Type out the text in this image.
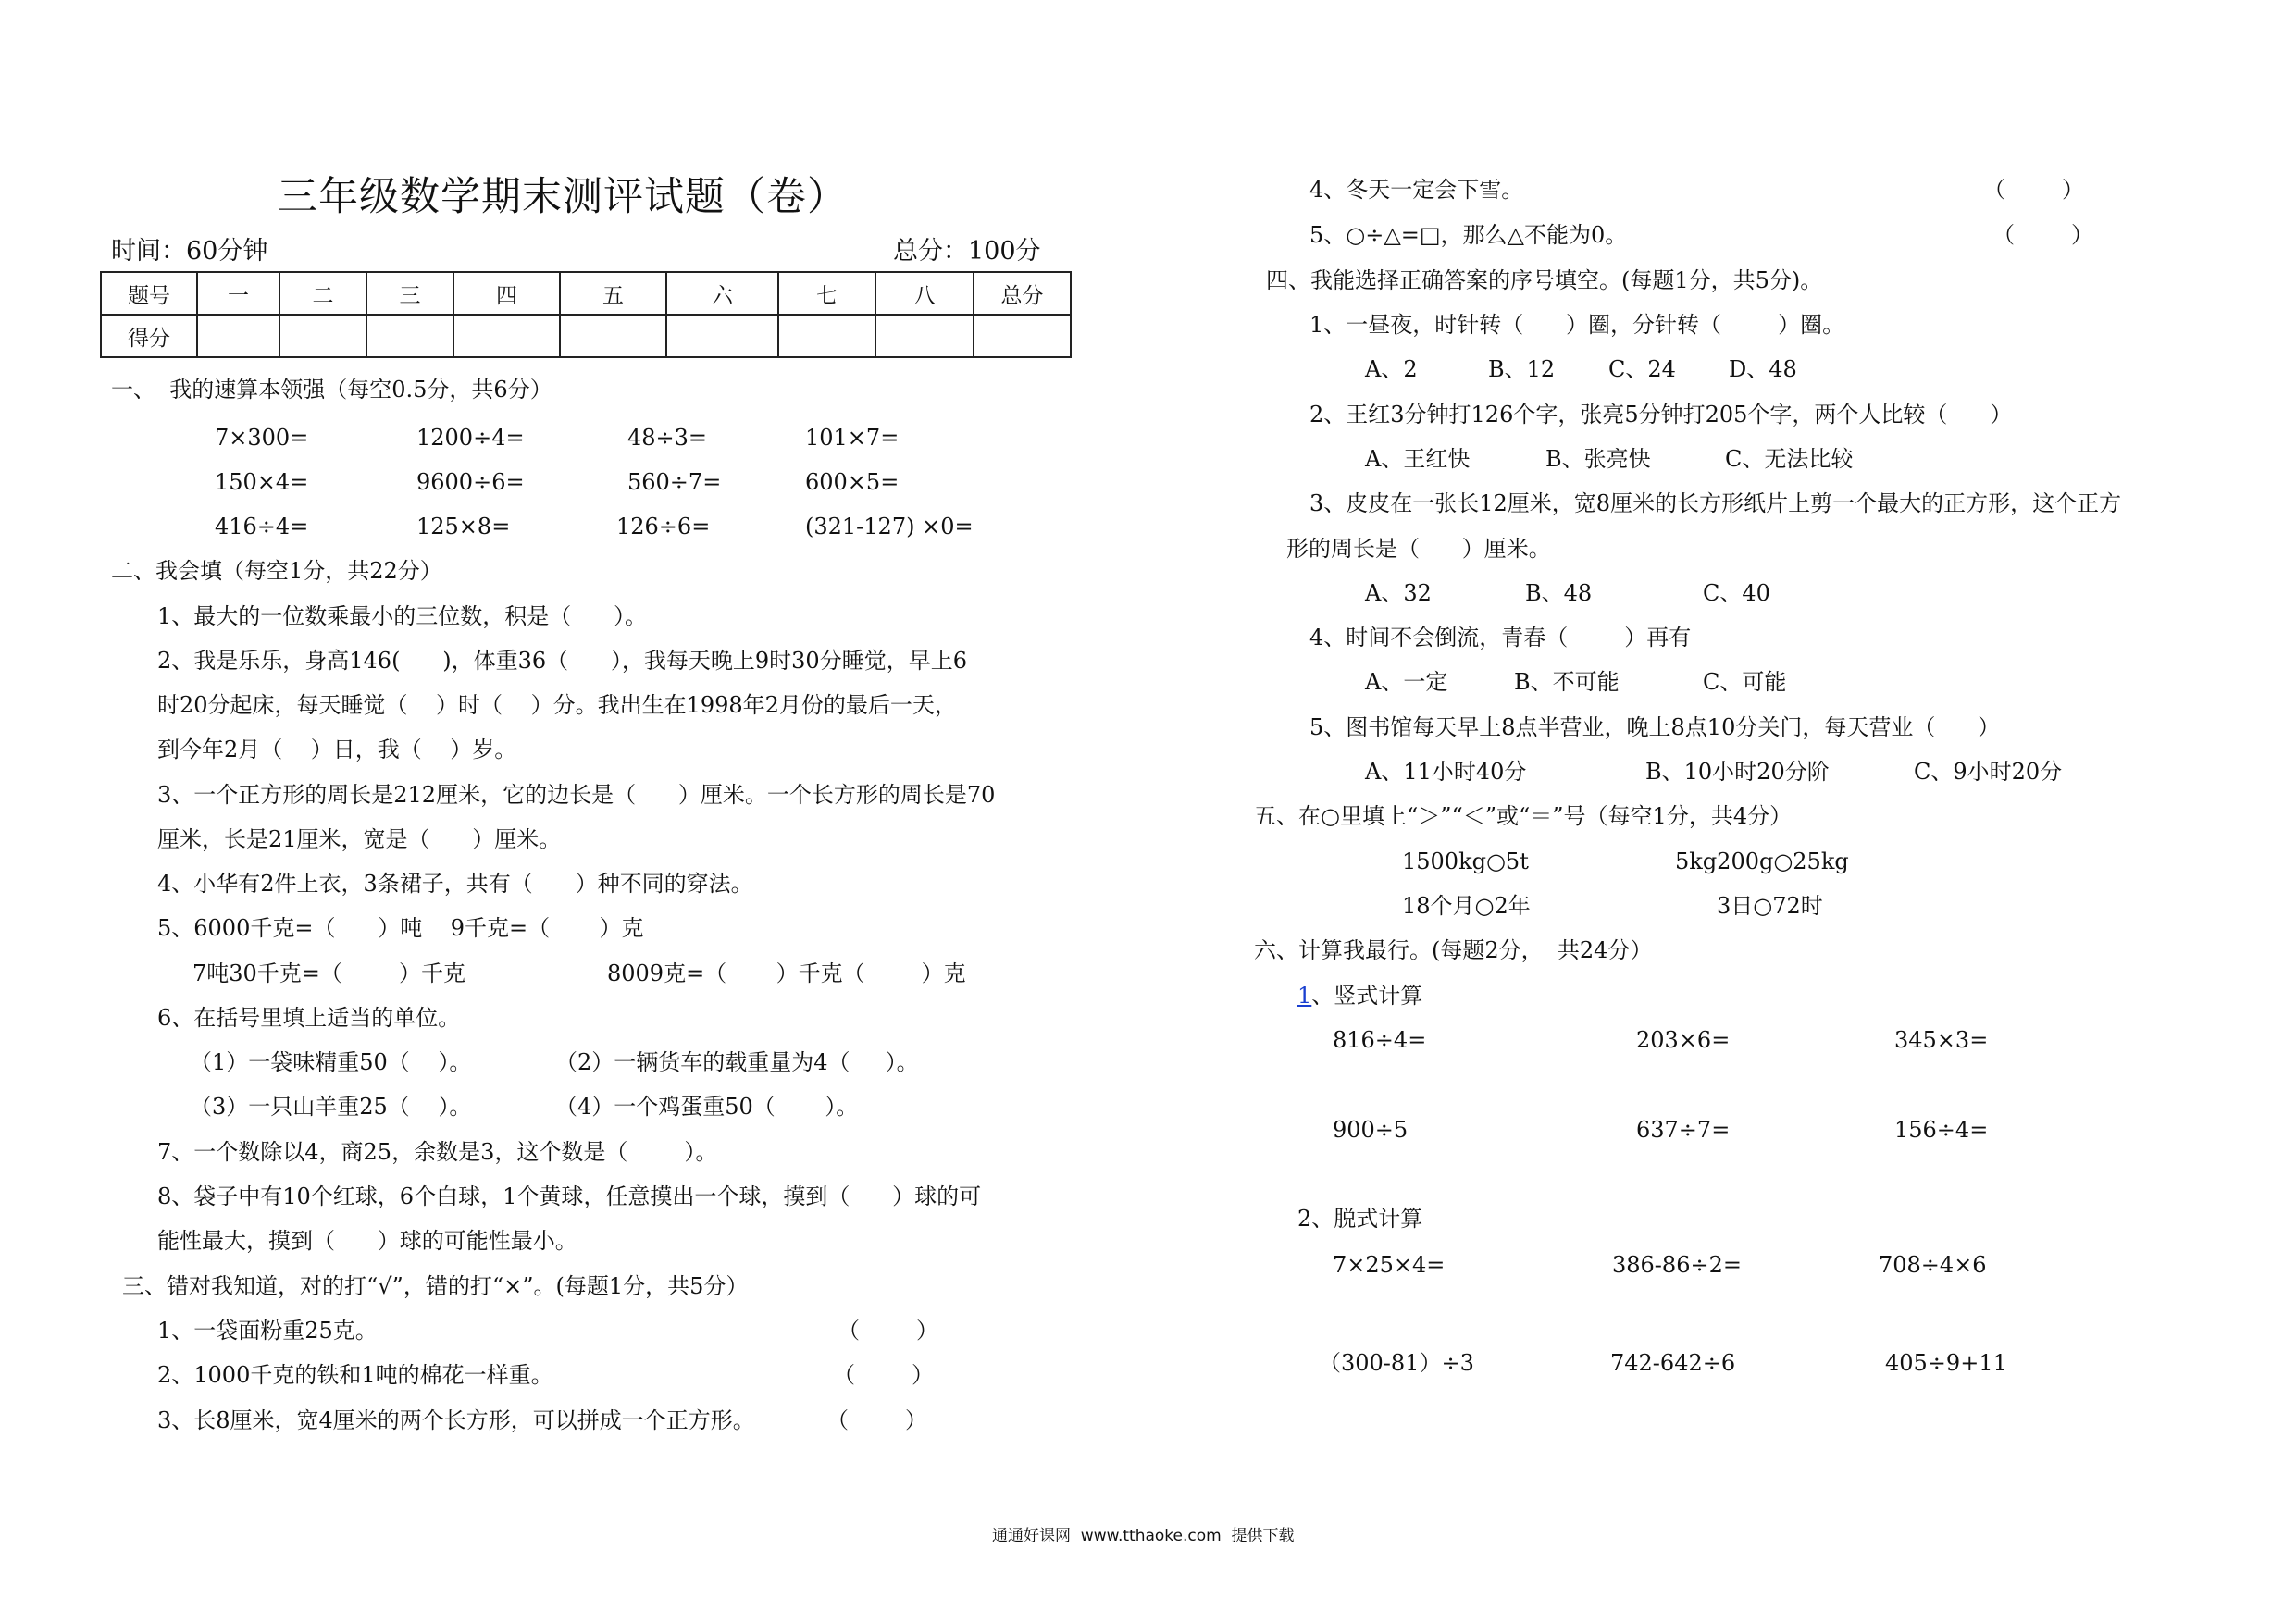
三年级数学期末测评试题（卷）
时间：60分钟	总分：100分
题号	一	二	三	四	五	六	七	八	总分
得分									
一、  我的速算本领强（每空0.5分，共6分）
7×300=	1200÷4=	48÷3=	101×7=
150×4=	9600÷6=	560÷7=	600×5=
416÷4=	125×8=	126÷6=	(321-127) ×0=
二、我会填（每空1分，共22分）
1、最大的一位数乘最小的三位数，积是（      ）。
2、我是乐乐，身高146(      )，体重36（      ），我每天晚上9时30分睡觉，早上6
时20分起床，每天睡觉（    ）时（    ）分。我出生在1998年2月份的最后一天，
到今年2月（    ）日，我（    ）岁。
3、一个正方形的周长是212厘米，它的边长是（      ）厘米。一个长方形的周长是70
厘米，长是21厘米，宽是（      ）厘米。
4、小华有2件上衣，3条裙子，共有（      ）种不同的穿法。
5、6000千克=（      ）吨    9千克=（       ）克
7吨30千克=（        ）千克	8009克=（       ）千克（        ）克
6、在括号里填上适当的单位。
（1）一袋味精重50（    ）。	（2）一辆货车的载重量为4（     ）。
（3）一只山羊重25（    ）。	（4）一个鸡蛋重50（       ）。
7、一个数除以4，商25，余数是3，这个数是（        ）。
8、袋子中有10个红球，6个白球，1个黄球，任意摸出一个球，摸到（      ）球的可
能性最大，摸到（      ）球的可能性最小。
三、错对我知道，对的打“√”，错的打“×”。(每题1分，共5分）
1、一袋面粉重25克。	（        ）
2、1000千克的铁和1吨的棉花一样重。	（        ）
3、长8厘米，宽4厘米的两个长方形，可以拼成一个正方形。	（        ）
4、冬天一定会下雪。	（        ）
5、○÷△=□，那么△不能为0。	（        ）
四、我能选择正确答案的序号填空。(每题1分，共5分)。
1、一昼夜，时针转（      ）圈，分针转（        ）圈。
A、2	B、12 C、24 D、48
2、王红3分钟打126个字，张亮5分钟打205个字，两个人比较（      ）
A、王红快	B、张亮快	C、无法比较
3、皮皮在一张长12厘米，宽8厘米的长方形纸片上剪一个最大的正方形，这个正方
形的周长是（      ）厘米。
A、32	B、48	C、40
4、时间不会倒流，青春（        ）再有
A、一定	B、不可能	C、可能
5、图书馆每天早上8点半营业，晚上8点10分关门，每天营业（      ）
A、11小时40分	B、10小时20分阶	C、9小时20分
五、在○里填上“＞”“＜”或“＝”号（每空1分，共4分）
1500kg○5t	5kg200g○25kg
18个月○2年	3日○72时
六、计算我最行。(每题2分，  共24分）
1、竖式计算
816÷4=	203×6=	345×3=
900÷5	637÷7=	156÷4=
2、脱式计算
7×25×4=	386-86÷2=	708÷4×6
（300-81）÷3	742-642÷6	405÷9+11
通通好课网  www.tthaoke.com  提供下载
